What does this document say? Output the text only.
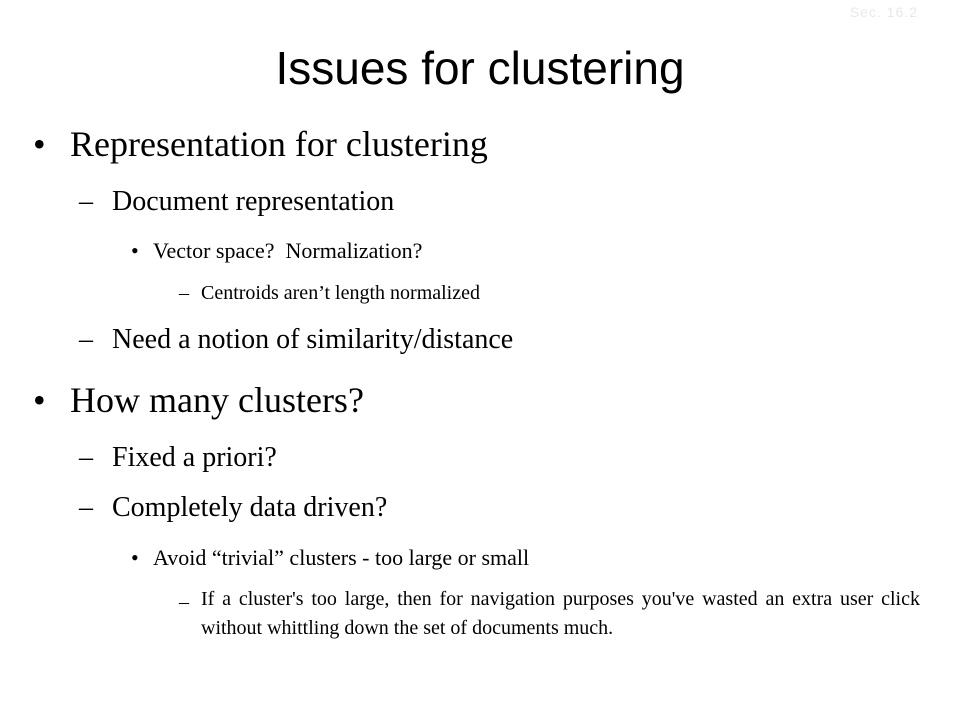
Sec. 16.2
Issues for clustering
• Representation for clustering
– Document representation
• Vector space?  Normalization?
– Centroids aren’t length normalized
– Need a notion of similarity/distance
• How many clusters?
– Fixed a priori?
– Completely data driven?
• Avoid “trivial” clusters - too large or small
– If a cluster's too large, then for navigation purposes you've wasted an extra user click without whittling down the set of documents much.
